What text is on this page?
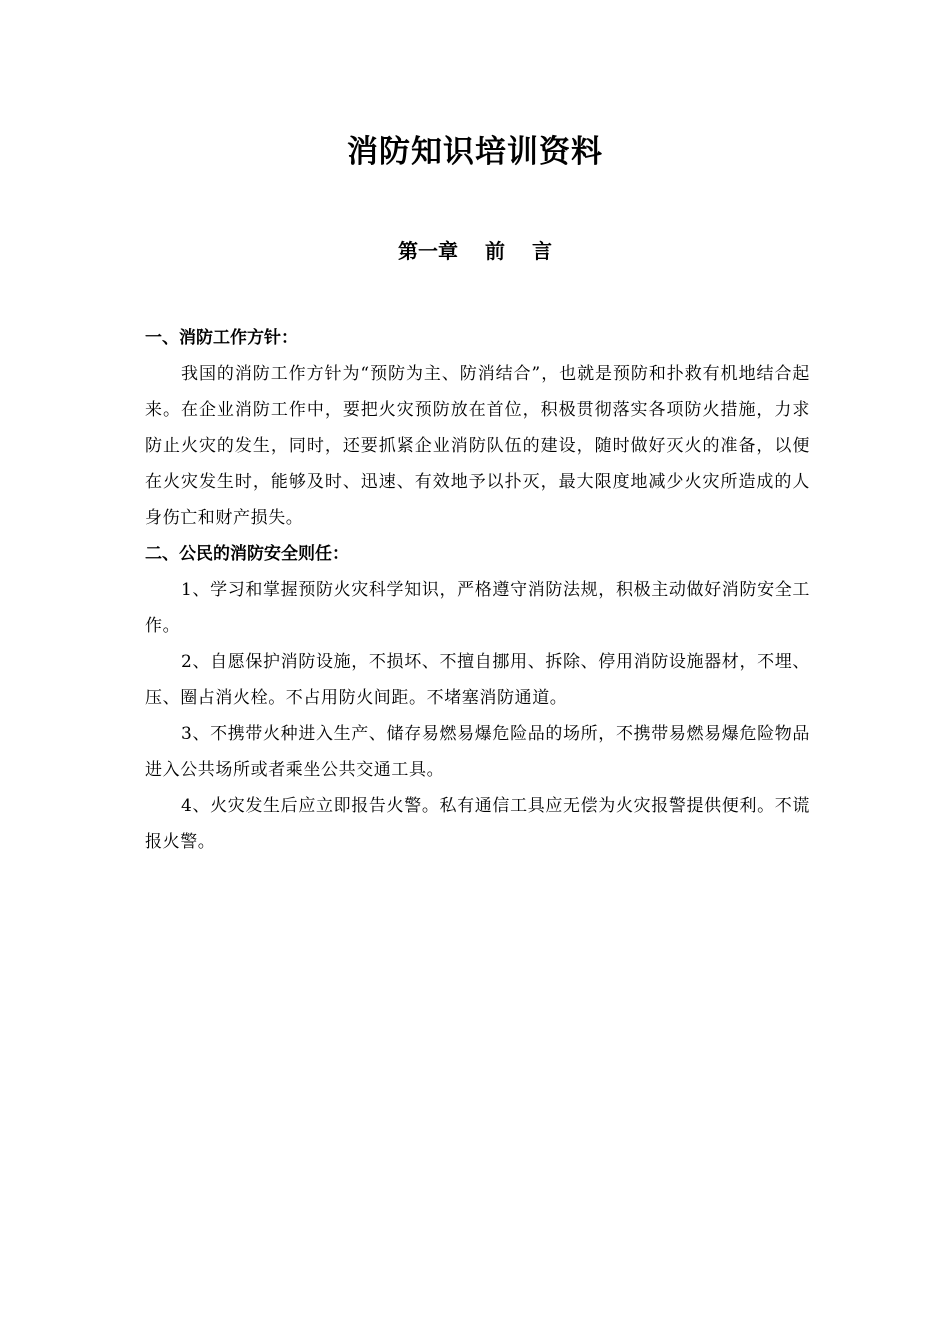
消防知识培训资料
第一章　 前　 言

一、消防工作方针：

我国的消防工作方针为“预防为主、防消结合”，也就是预防和扑救有机地结合起来。在企业消防工作中，要把火灾预防放在首位，积极贯彻落实各项防火措施，力求防止火灾的发生，同时，还要抓紧企业消防队伍的建设，随时做好灭火的准备，以便在火灾发生时，能够及时、迅速、有效地予以扑灭，最大限度地减少火灾所造成的人身伤亡和财产损失。

二、公民的消防安全则任：

1、学习和掌握预防火灾科学知识，严格遵守消防法规，积极主动做好消防安全工作。

2、自愿保护消防设施，不损坏、不擅自挪用、拆除、停用消防设施器材，不埋、压、圈占消火栓。不占用防火间距。不堵塞消防通道。

3、不携带火种进入生产、储存易燃易爆危险品的场所，不携带易燃易爆危险物品进入公共场所或者乘坐公共交通工具。

4、火灾发生后应立即报告火警。私有通信工具应无偿为火灾报警提供便利。不谎报火警。
